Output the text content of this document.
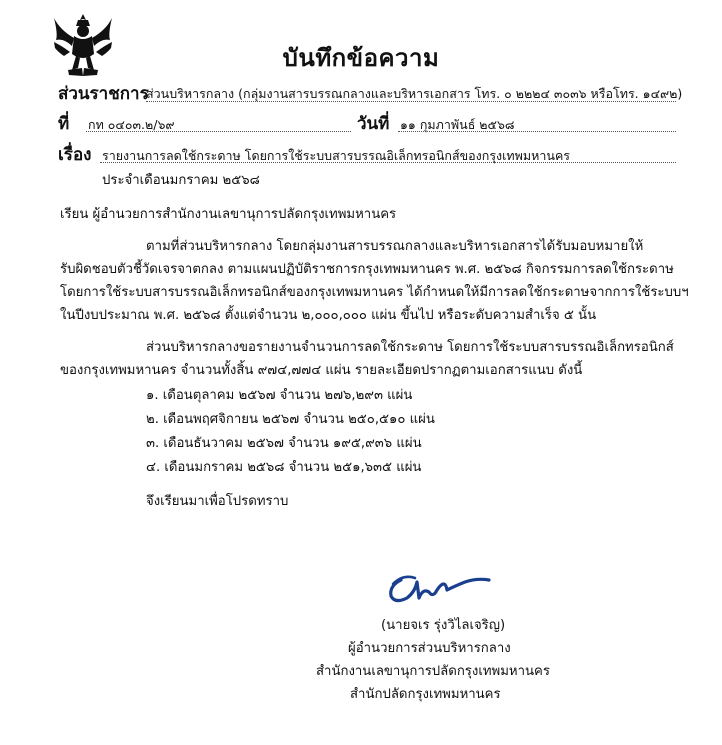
บันทึกข้อความ
ส่วนราชการ
ส่วนบริหารกลาง (กลุ่มงานสารบรรณกลางและบริหารเอกสาร โทร. ๐ ๒๒๒๔ ๓๐๓๖ หรือโทร. ๑๔๙๒)
ที่ กท ๐๔๐๓.๒/๖๙	วันที่ ๑๑ กุมภาพันธ์ ๒๕๖๘
เรื่อง รายงานการลดใช้กระดาษ โดยการใช้ระบบสารบรรณอิเล็กทรอนิกส์ของกรุงเทพมหานคร
ประจำเดือนมกราคม ๒๕๖๘
เรียน ผู้อำนวยการสำนักงานเลขานุการปลัดกรุงเทพมหานคร
ตามที่ส่วนบริหารกลาง โดยกลุ่มงานสารบรรณกลางและบริหารเอกสารได้รับมอบหมายให้
รับผิดชอบตัวชี้วัดเจรจาตกลง ตามแผนปฏิบัติราชการกรุงเทพมหานคร พ.ศ. ๒๕๖๘ กิจกรรมการลดใช้กระดาษ
โดยการใช้ระบบสารบรรณอิเล็กทรอนิกส์ของกรุงเทพมหานคร ได้กำหนดให้มีการลดใช้กระดาษจากการใช้ระบบฯ
ในปีงบประมาณ พ.ศ. ๒๕๖๘ ตั้งแต่จำนวน ๒,๐๐๐,๐๐๐ แผ่น ขึ้นไป หรือระดับความสำเร็จ ๕ นั้น
ส่วนบริหารกลางขอรายงานจำนวนการลดใช้กระดาษ โดยการใช้ระบบสารบรรณอิเล็กทรอนิกส์
ของกรุงเทพมหานคร จำนวนทั้งสิ้น ๙๗๔,๗๗๔ แผ่น รายละเอียดปรากฏตามเอกสารแนบ ดังนี้
๑. เดือนตุลาคม ๒๕๖๗ จำนวน ๒๗๖,๒๙๓ แผ่น
๒. เดือนพฤศจิกายน ๒๕๖๗ จำนวน ๒๕๐,๕๑๐ แผ่น
๓. เดือนธันวาคม ๒๕๖๗ จำนวน ๑๙๕,๙๓๖ แผ่น
๔. เดือนมกราคม ๒๕๖๘ จำนวน ๒๕๑,๖๓๕ แผ่น
จึงเรียนมาเพื่อโปรดทราบ
(นายจเร รุ่งวิไลเจริญ)
ผู้อำนวยการส่วนบริหารกลาง
สำนักงานเลขานุการปลัดกรุงเทพมหานคร
สำนักปลัดกรุงเทพมหานคร
